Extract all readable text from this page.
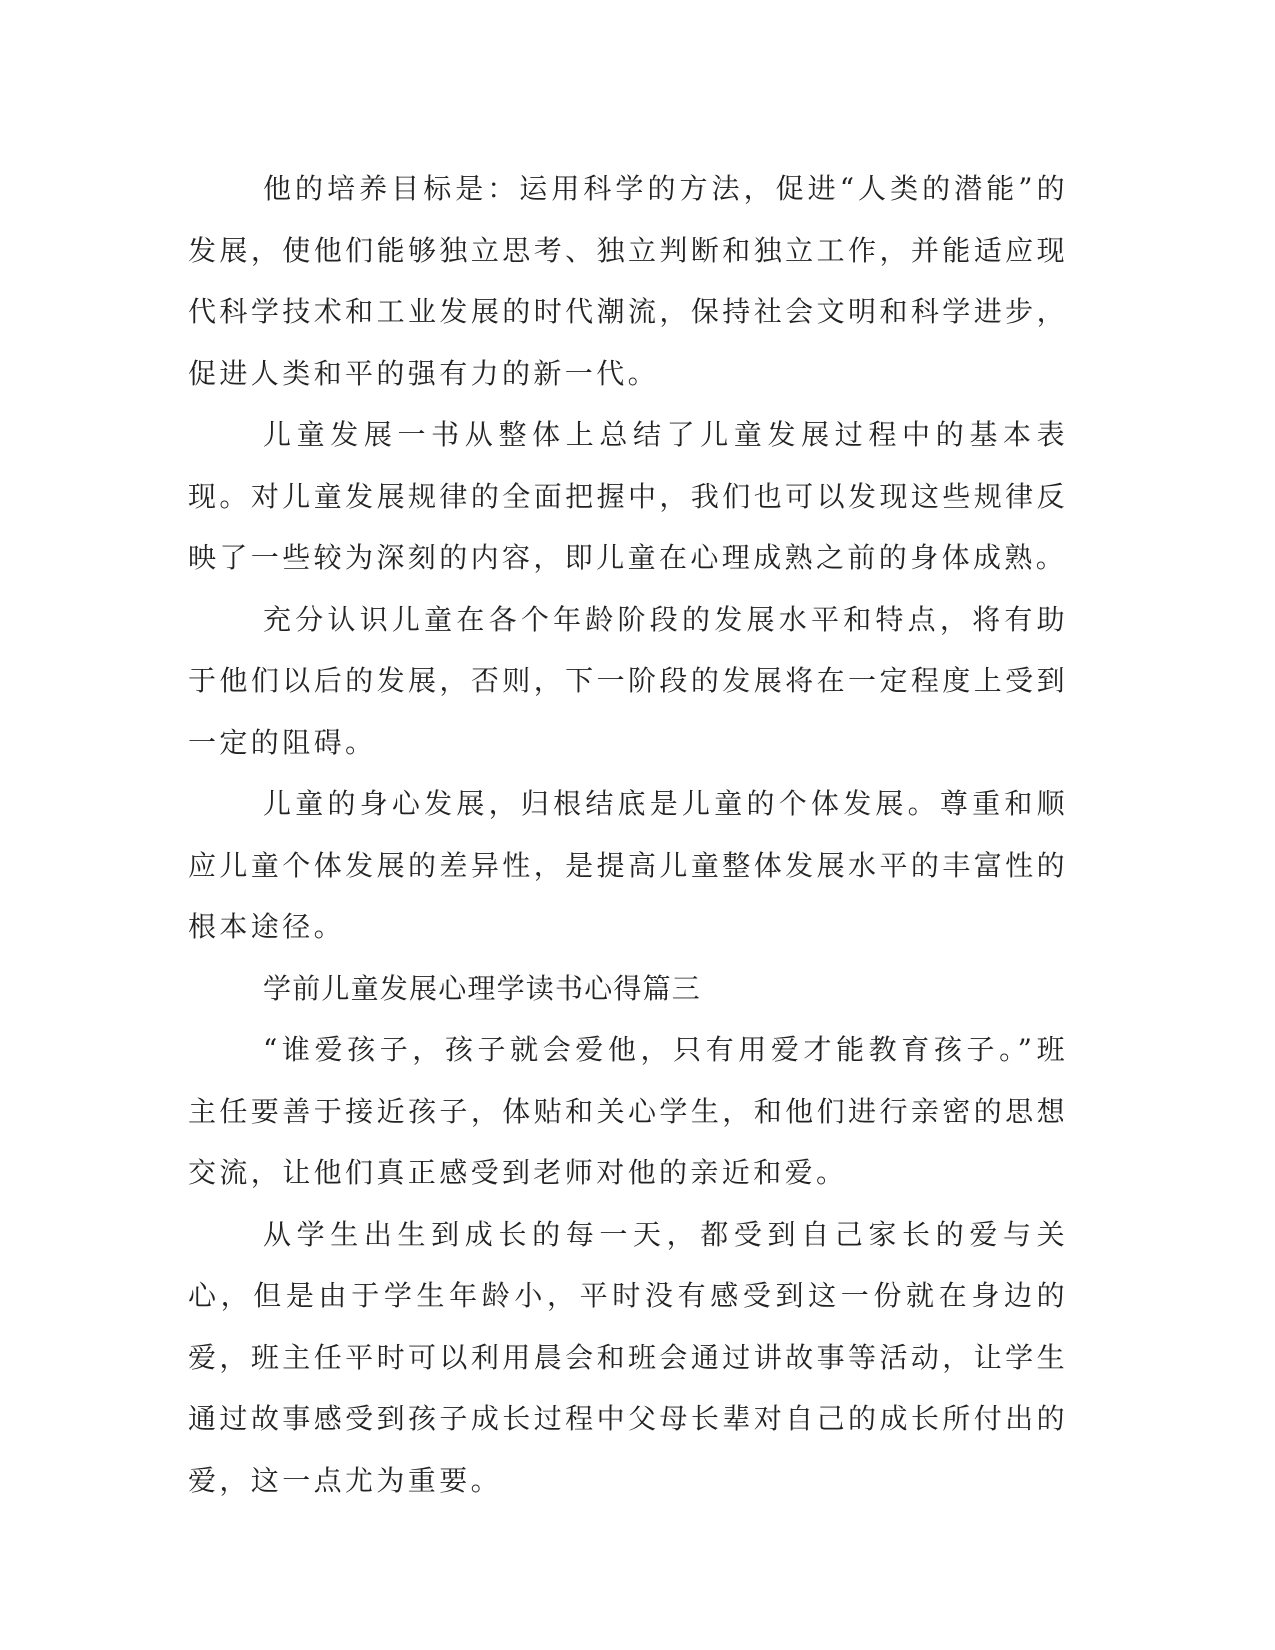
他的培养目标是：运用科学的方法，促进“人类的潜能”的发展，使他们能够独立思考、独立判断和独立工作，并能适应现代科学技术和工业发展的时代潮流，保持社会文明和科学进步，促进人类和平的强有力的新一代。

儿童发展一书从整体上总结了儿童发展过程中的基本表现。对儿童发展规律的全面把握中，我们也可以发现这些规律反映了一些较为深刻的内容，即儿童在心理成熟之前的身体成熟。

充分认识儿童在各个年龄阶段的发展水平和特点，将有助于他们以后的发展，否则，下一阶段的发展将在一定程度上受到一定的阻碍。

儿童的身心发展，归根结底是儿童的个体发展。尊重和顺应儿童个体发展的差异性，是提高儿童整体发展水平的丰富性的根本途径。

学前儿童发展心理学读书心得篇三

“谁爱孩子，孩子就会爱他，只有用爱才能教育孩子。”班主任要善于接近孩子，体贴和关心学生，和他们进行亲密的思想交流，让他们真正感受到老师对他的亲近和爱。

从学生出生到成长的每一天，都受到自己家长的爱与关心，但是由于学生年龄小，平时没有感受到这一份就在身边的爱，班主任平时可以利用晨会和班会通过讲故事等活动，让学生通过故事感受到孩子成长过程中父母长辈对自己的成长所付出的爱，这一点尤为重要。
